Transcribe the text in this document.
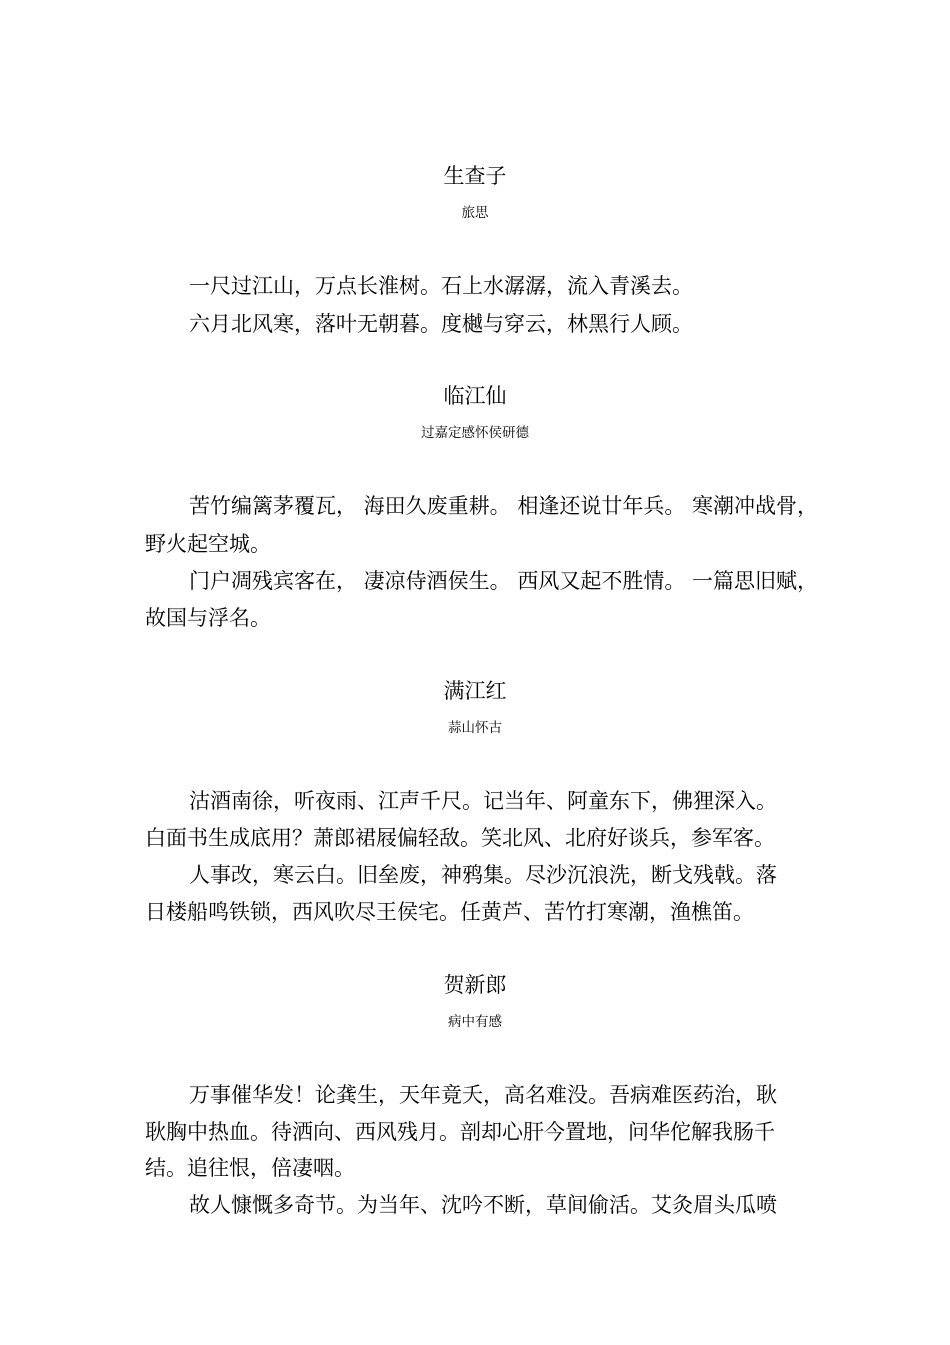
生查子
旅思
一尺过江山，万点长淮树。石上水潺潺，流入青溪去。
六月北风寒，落叶无朝暮。度樾与穿云，林黑行人顾。
临江仙
过嘉定感怀侯研德
苦竹编篱茅覆瓦， 海田久废重耕。 相逢还说廿年兵。 寒潮冲战骨，
野火起空城。
门户凋残宾客在， 凄凉侍酒侯生。 西风又起不胜情。 一篇思旧赋，
故国与浮名。
满江红
蒜山怀古
沽酒南徐，听夜雨、江声千尺。记当年、阿童东下，佛狸深入。
白面书生成底用？萧郎裙屐偏轻敌。笑北风、北府好谈兵，参军客。
人事改，寒云白。旧垒废，神鸦集。尽沙沉浪洗，断戈残戟。落
日楼船鸣铁锁，西风吹尽王侯宅。任黄芦、苦竹打寒潮，渔樵笛。
贺新郎
病中有感
万事催华发！论龚生，天年竟夭，高名难没。吾病难医药治，耿
耿胸中热血。待洒向、西风残月。剖却心肝今置地，问华佗解我肠千
结。追往恨，倍凄咽。
故人慷慨多奇节。为当年、沈吟不断，草间偷活。艾灸眉头瓜喷
